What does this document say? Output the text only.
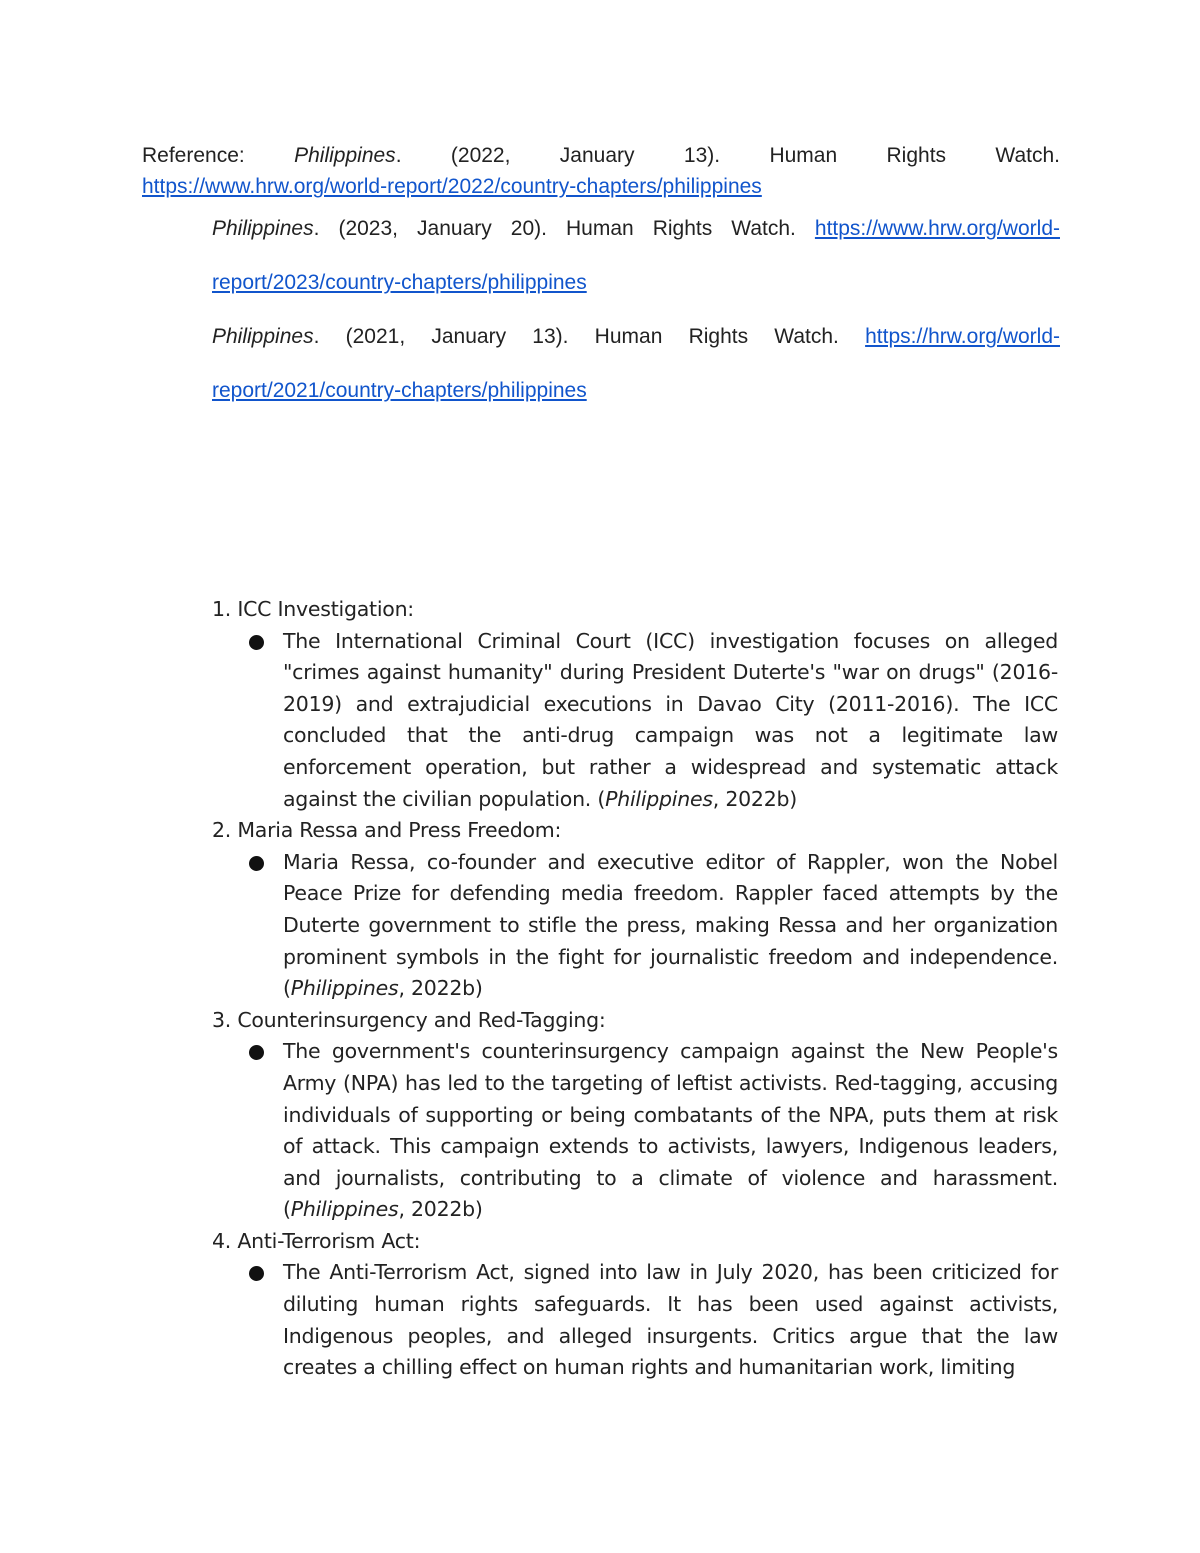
Reference: Philippines. (2022, January 13). Human Rights Watch.
https://www.hrw.org/world-report/2022/country-chapters/philippines
Philippines. (2023, January 20). Human Rights Watch. https://www.hrw.org/world-
report/2023/country-chapters/philippines
Philippines. (2021, January 13). Human Rights Watch. https://hrw.org/world-
report/2021/country-chapters/philippines
1. ICC Investigation:
The International Criminal Court (ICC) investigation focuses on alleged "crimes against humanity" during President Duterte's "war on drugs" (2016-2019) and extrajudicial executions in Davao City (2011-2016). The ICC concluded that the anti-drug campaign was not a legitimate law enforcement operation, but rather a widespread and systematic attack against the civilian population. (Philippines, 2022b)
2. Maria Ressa and Press Freedom:
Maria Ressa, co-founder and executive editor of Rappler, won the Nobel Peace Prize for defending media freedom. Rappler faced attempts by the Duterte government to stifle the press, making Ressa and her organization prominent symbols in the fight for journalistic freedom and independence. (Philippines, 2022b)
3. Counterinsurgency and Red-Tagging:
The government's counterinsurgency campaign against the New People's Army (NPA) has led to the targeting of leftist activists. Red-tagging, accusing individuals of supporting or being combatants of the NPA, puts them at risk of attack. This campaign extends to activists, lawyers, Indigenous leaders, and journalists, contributing to a climate of violence and harassment. (Philippines, 2022b)
4. Anti-Terrorism Act:
The Anti-Terrorism Act, signed into law in July 2020, has been criticized for diluting human rights safeguards. It has been used against activists, Indigenous peoples, and alleged insurgents. Critics argue that the law creates a chilling effect on human rights and humanitarian work, limiting
